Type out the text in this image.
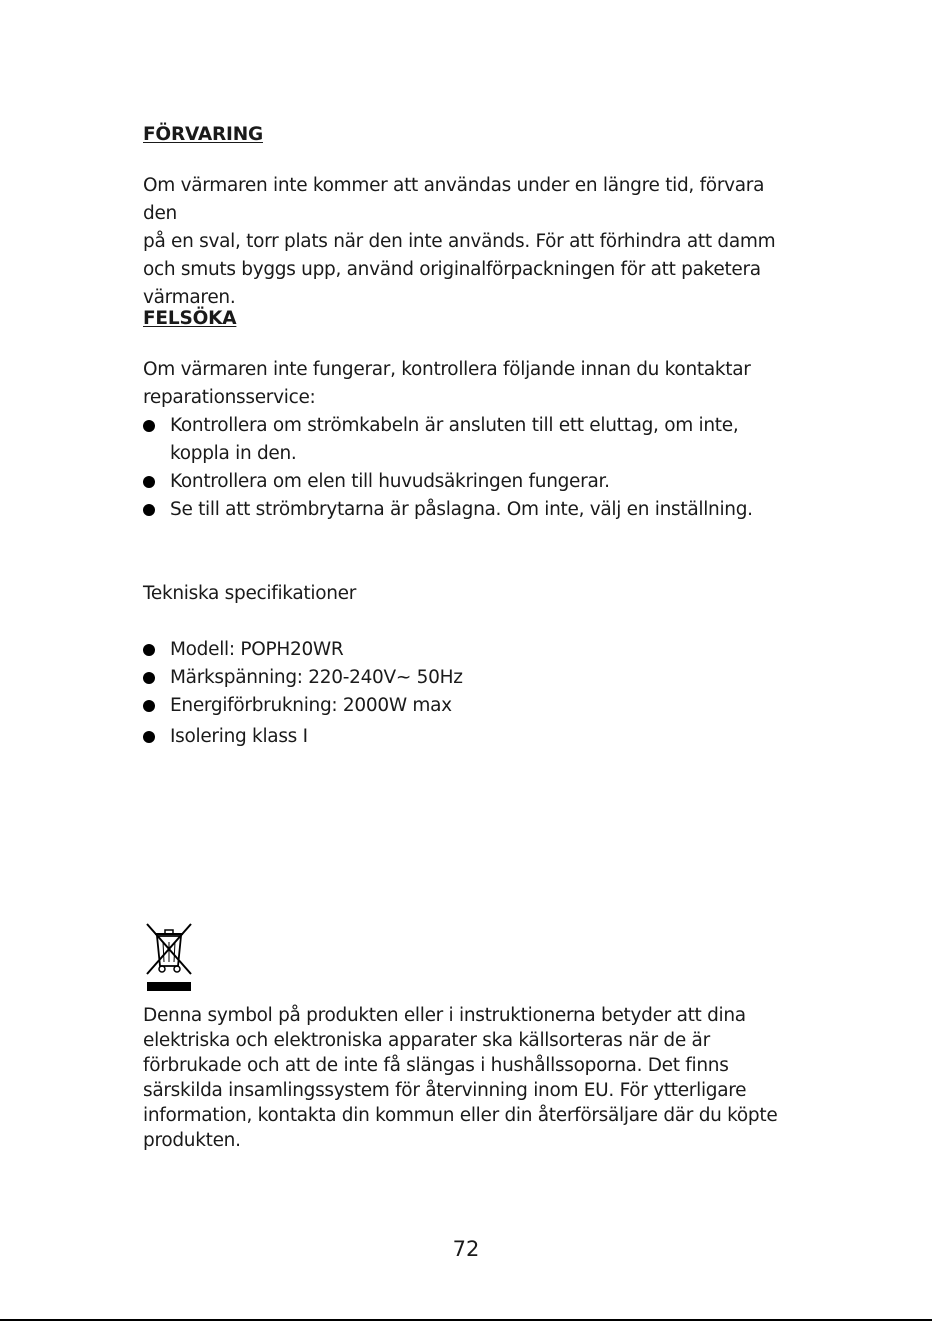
FÖRVARING

Om värmaren inte kommer att användas under en längre tid, förvara den

på en sval, torr plats när den inte används. För att förhindra att damm

och smuts byggs upp, använd originalförpackningen för att paketera

värmaren.

FELSÖKA

Om värmaren inte fungerar, kontrollera följande innan du kontaktar

reparationsservice:

Kontrollera om strömkabeln är ansluten till ett eluttag, om inte,
koppla in den.
Kontrollera om elen till huvudsäkringen fungerar.
Se till att strömbrytarna är påslagna. Om inte, välj en inställning.
Tekniska specifikationer
Modell: POPH20WR
Märkspänning: 220-240V~ 50Hz
Energiförbrukning: 2000W max
Isolering klass I
Denna symbol på produkten eller i instruktionerna betyder att dina
elektriska och elektroniska apparater ska källsorteras när de är
förbrukade och att de inte få slängas i hushållssoporna. Det finns
särskilda insamlingssystem för återvinning inom EU. För ytterligare
information, kontakta din kommun eller din återförsäljare där du köpte
produkten.
72
